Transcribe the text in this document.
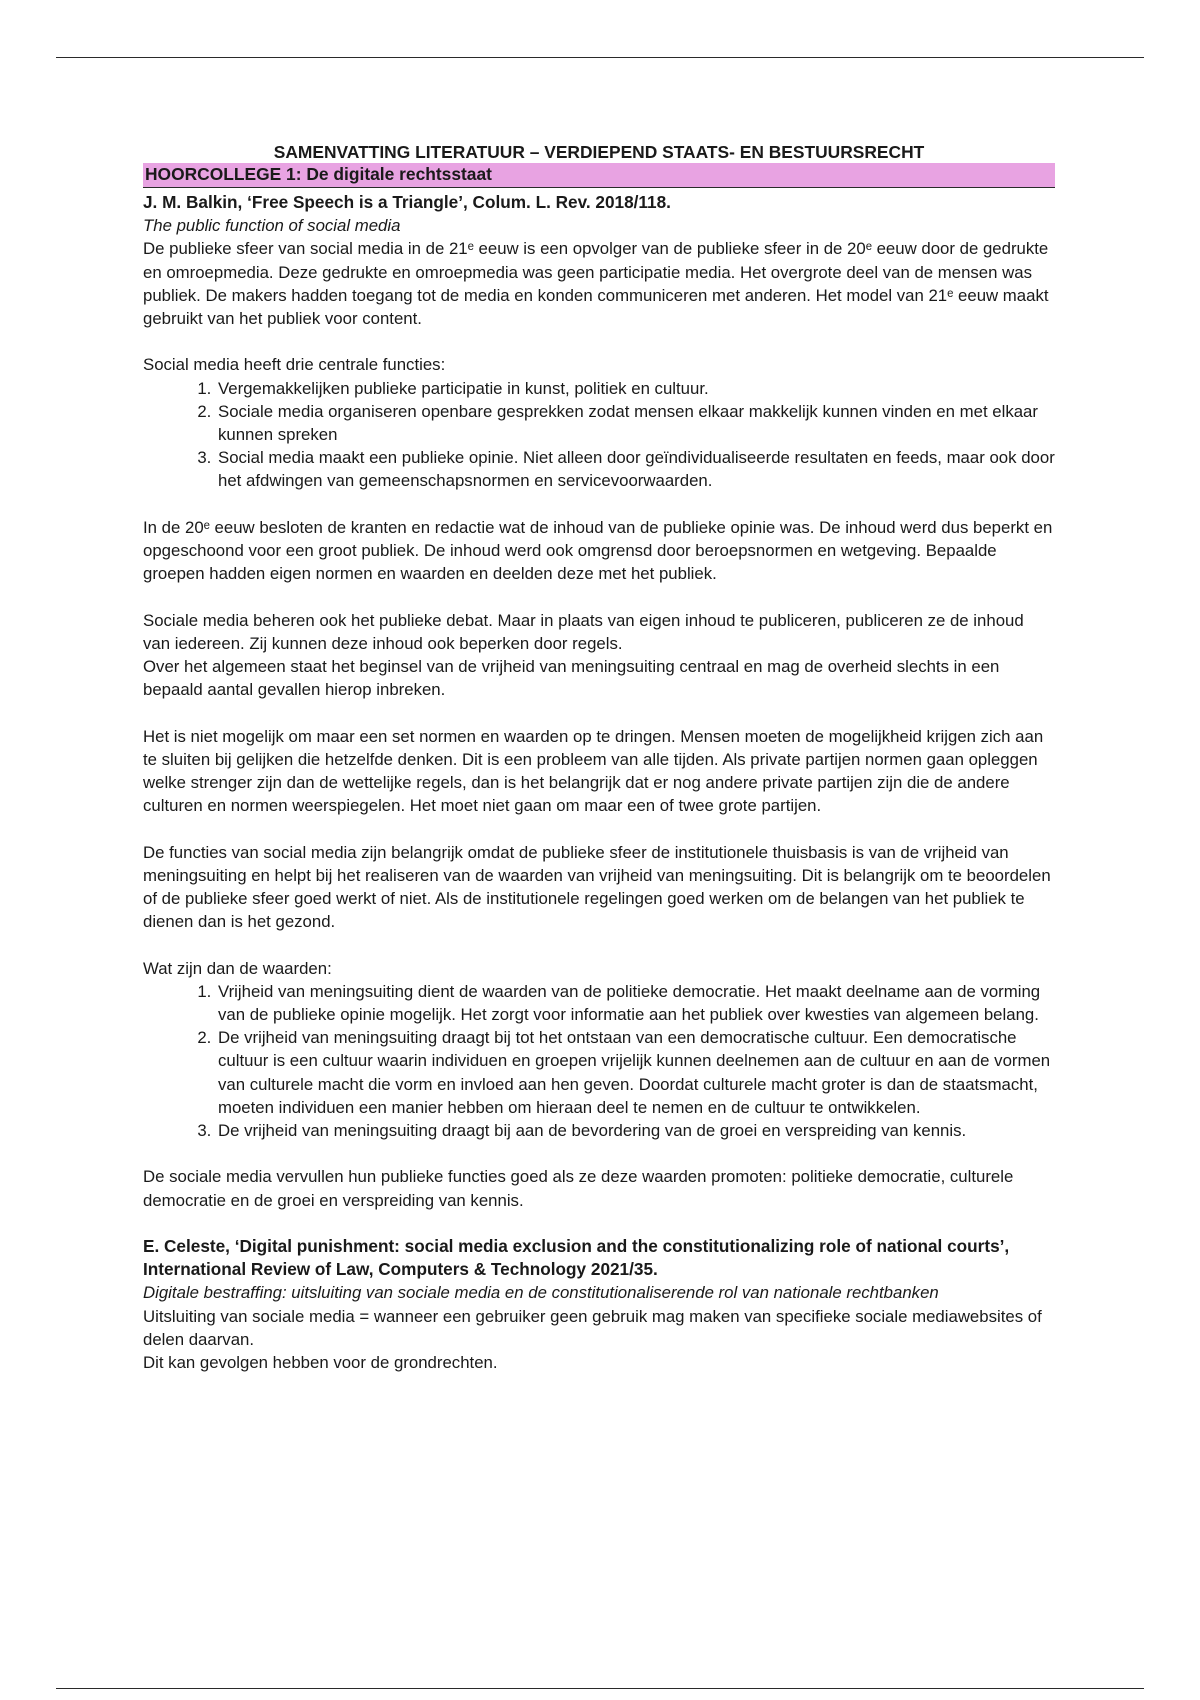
SAMENVATTING LITERATUUR – VERDIEPEND STAATS- EN BESTUURSRECHT

HOORCOLLEGE 1: De digitale rechtsstaat

J. M. Balkin, ‘Free Speech is a Triangle’, Colum. L. Rev. 2018/118.

The public function of social media

De publieke sfeer van social media in de 21ᵉ eeuw is een opvolger van de publieke sfeer in de 20ᵉ eeuw door de gedrukte en omroepmedia. Deze gedrukte en omroepmedia was geen participatie media. Het overgrote deel van de mensen was publiek. De makers hadden toegang tot de media en konden communiceren met anderen. Het model van 21ᵉ eeuw maakt gebruikt van het publiek voor content.

Social media heeft drie centrale functies:

1. Vergemakkelijken publieke participatie in kunst, politiek en cultuur.
2. Sociale media organiseren openbare gesprekken zodat mensen elkaar makkelijk kunnen vinden en met elkaar kunnen spreken
3. Social media maakt een publieke opinie. Niet alleen door geïndividualiseerde resultaten en feeds, maar ook door het afdwingen van gemeenschapsnormen en servicevoorwaarden.

In de 20ᵉ eeuw besloten de kranten en redactie wat de inhoud van de publieke opinie was. De inhoud werd dus beperkt en opgeschoond voor een groot publiek. De inhoud werd ook omgrensd door beroepsnormen en wetgeving. Bepaalde groepen hadden eigen normen en waarden en deelden deze met het publiek.

Sociale media beheren ook het publieke debat. Maar in plaats van eigen inhoud te publiceren, publiceren ze de inhoud van iedereen. Zij kunnen deze inhoud ook beperken door regels.

Over het algemeen staat het beginsel van de vrijheid van meningsuiting centraal en mag de overheid slechts in een bepaald aantal gevallen hierop inbreken.

Het is niet mogelijk om maar een set normen en waarden op te dringen. Mensen moeten de mogelijkheid krijgen zich aan te sluiten bij gelijken die hetzelfde denken. Dit is een probleem van alle tijden. Als private partijen normen gaan opleggen welke strenger zijn dan de wettelijke regels, dan is het belangrijk dat er nog andere private partijen zijn die de andere culturen en normen weerspiegelen. Het moet niet gaan om maar een of twee grote partijen.

De functies van social media zijn belangrijk omdat de publieke sfeer de institutionele thuisbasis is van de vrijheid van meningsuiting en helpt bij het realiseren van de waarden van vrijheid van meningsuiting. Dit is belangrijk om te beoordelen of de publieke sfeer goed werkt of niet. Als de institutionele regelingen goed werken om de belangen van het publiek te dienen dan is het gezond.

Wat zijn dan de waarden:

1. Vrijheid van meningsuiting dient de waarden van de politieke democratie. Het maakt deelname aan de vorming van de publieke opinie mogelijk. Het zorgt voor informatie aan het publiek over kwesties van algemeen belang.
2. De vrijheid van meningsuiting draagt bij tot het ontstaan van een democratische cultuur. Een democratische cultuur is een cultuur waarin individuen en groepen vrijelijk kunnen deelnemen aan de cultuur en aan de vormen van culturele macht die vorm en invloed aan hen geven. Doordat culturele macht groter is dan de staatsmacht, moeten individuen een manier hebben om hieraan deel te nemen en de cultuur te ontwikkelen.
3. De vrijheid van meningsuiting draagt bij aan de bevordering van de groei en verspreiding van kennis.

De sociale media vervullen hun publieke functies goed als ze deze waarden promoten: politieke democratie, culturele democratie en de groei en verspreiding van kennis.

E. Celeste, ‘Digital punishment: social media exclusion and the constitutionalizing role of national courts’, International Review of Law, Computers & Technology 2021/35.

Digitale bestraffing: uitsluiting van sociale media en de constitutionaliserende rol van nationale rechtbanken

Uitsluiting van sociale media = wanneer een gebruiker geen gebruik mag maken van specifieke sociale mediawebsites of delen daarvan.

Dit kan gevolgen hebben voor de grondrechten.
